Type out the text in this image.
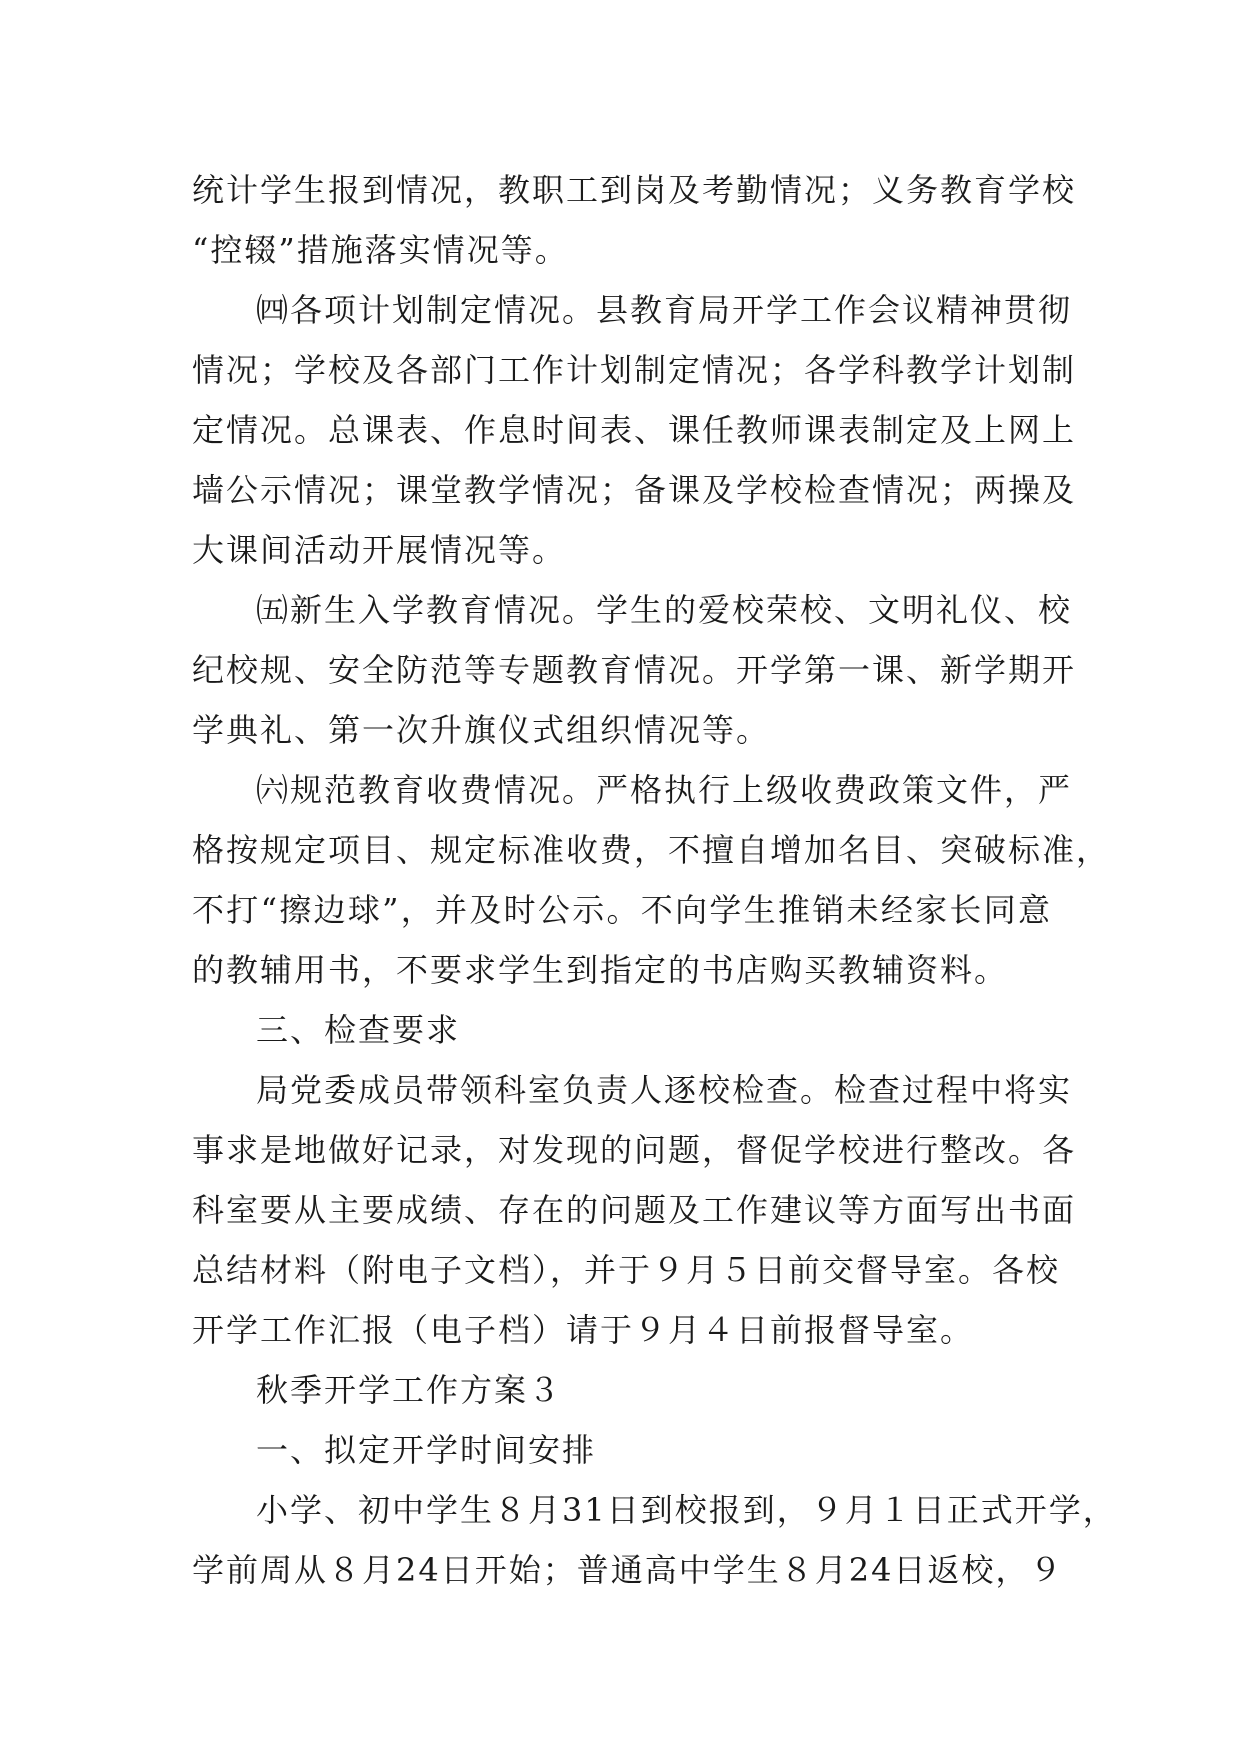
统计学生报到情况，教职工到岗及考勤情况；义务教育学校
“控辍”措施落实情况等。
㈣各项计划制定情况。县教育局开学工作会议精神贯彻
情况；学校及各部门工作计划制定情况；各学科教学计划制
定情况。总课表、作息时间表、课任教师课表制定及上网上
墙公示情况；课堂教学情况；备课及学校检查情况；两操及
大课间活动开展情况等。
㈤新生入学教育情况。学生的爱校荣校、文明礼仪、校
纪校规、安全防范等专题教育情况。开学第一课、新学期开
学典礼、第一次升旗仪式组织情况等。
㈥规范教育收费情况。严格执行上级收费政策文件，严
格按规定项目、规定标准收费，不擅自增加名目、突破标准，
不打“擦边球”，并及时公示。不向学生推销未经家长同意
的教辅用书，不要求学生到指定的书店购买教辅资料。
三、检查要求
局党委成员带领科室负责人逐校检查。检查过程中将实
事求是地做好记录，对发现的问题，督促学校进行整改。各
科室要从主要成绩、存在的问题及工作建议等方面写出书面
总结材料（附电子文档），并于９月５日前交督导室。各校
开学工作汇报（电子档）请于９月４日前报督导室。
秋季开学工作方案３
一、拟定开学时间安排
小学、初中学生８月31日到校报到，９月１日正式开学，
学前周从８月24日开始；普通高中学生８月24日返校，９
